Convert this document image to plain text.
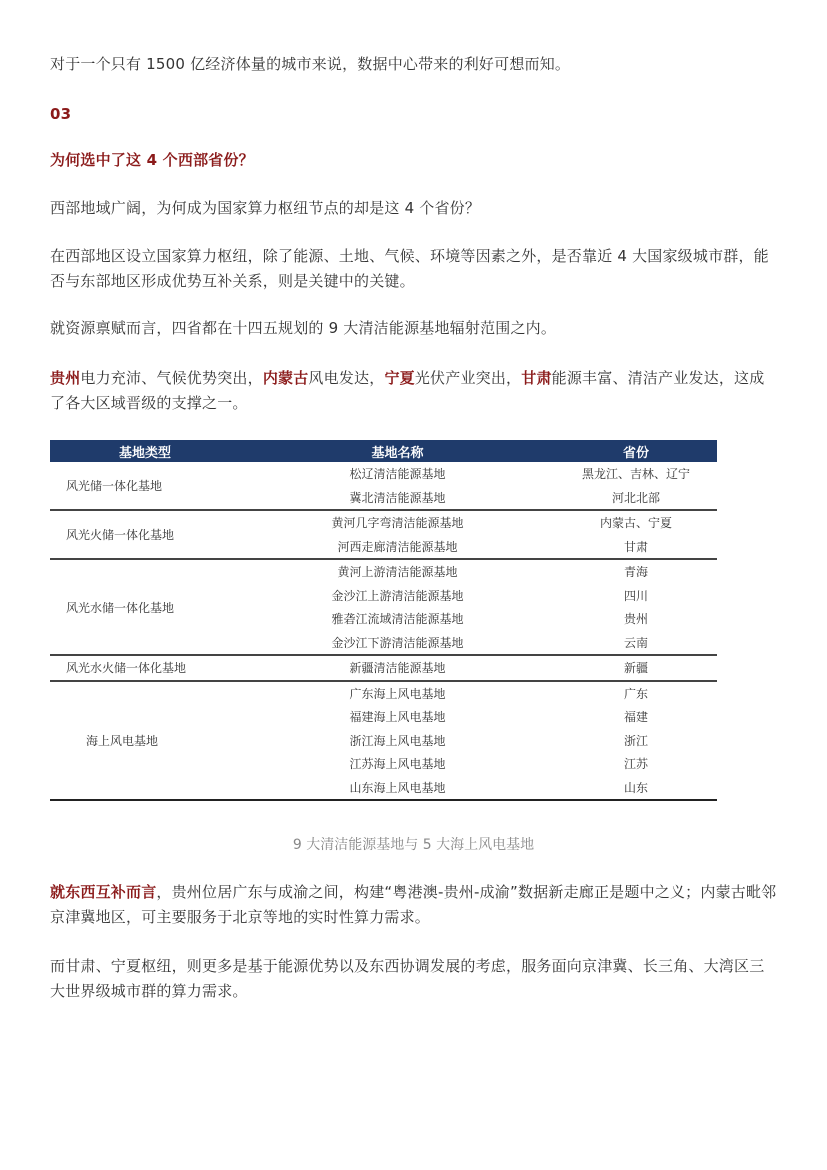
对于一个只有 1500 亿经济体量的城市来说，数据中心带来的利好可想而知。

03

为何选中了这 4 个西部省份？

西部地域广阔，为何成为国家算力枢纽节点的却是这 4 个省份？

在西部地区设立国家算力枢纽，除了能源、土地、气候、环境等因素之外，是否靠近 4 大国家级城市群，能否与东部地区形成优势互补关系，则是关键中的关键。

就资源禀赋而言，四省都在十四五规划的 9 大清洁能源基地辐射范围之内。

贵州电力充沛、气候优势突出，内蒙古风电发达，宁夏光伏产业突出，甘肃能源丰富、清洁产业发达，这成了各大区域晋级的支撑之一。

就东西互补而言，贵州位居广东与成渝之间，构建“粤港澳-贵州-成渝”数据新走廊正是题中之义；内蒙古毗邻京津冀地区，可主要服务于北京等地的实时性算力需求。

而甘肃、宁夏枢纽，则更多是基于能源优势以及东西协调发展的考虑，服务面向京津冀、长三角、大湾区三大世界级城市群的算力需求。

基地类型	基地名称	省份
风光储一体化基地	松辽清洁能源基地	黑龙江、吉林、辽宁
	冀北清洁能源基地	河北北部
风光火储一体化基地	黄河几字弯清洁能源基地	内蒙古、宁夏
	河西走廊清洁能源基地	甘肃
风光水储一体化基地	黄河上游清洁能源基地	青海
	金沙江上游清洁能源基地	四川
	雅砻江流域清洁能源基地	贵州
	金沙江下游清洁能源基地	云南
风光水火储一体化基地	新疆清洁能源基地	新疆
海上风电基地	广东海上风电基地	广东
	福建海上风电基地	福建
	浙江海上风电基地	浙江
	江苏海上风电基地	江苏
	山东海上风电基地	山东
9 大清洁能源基地与 5 大海上风电基地
